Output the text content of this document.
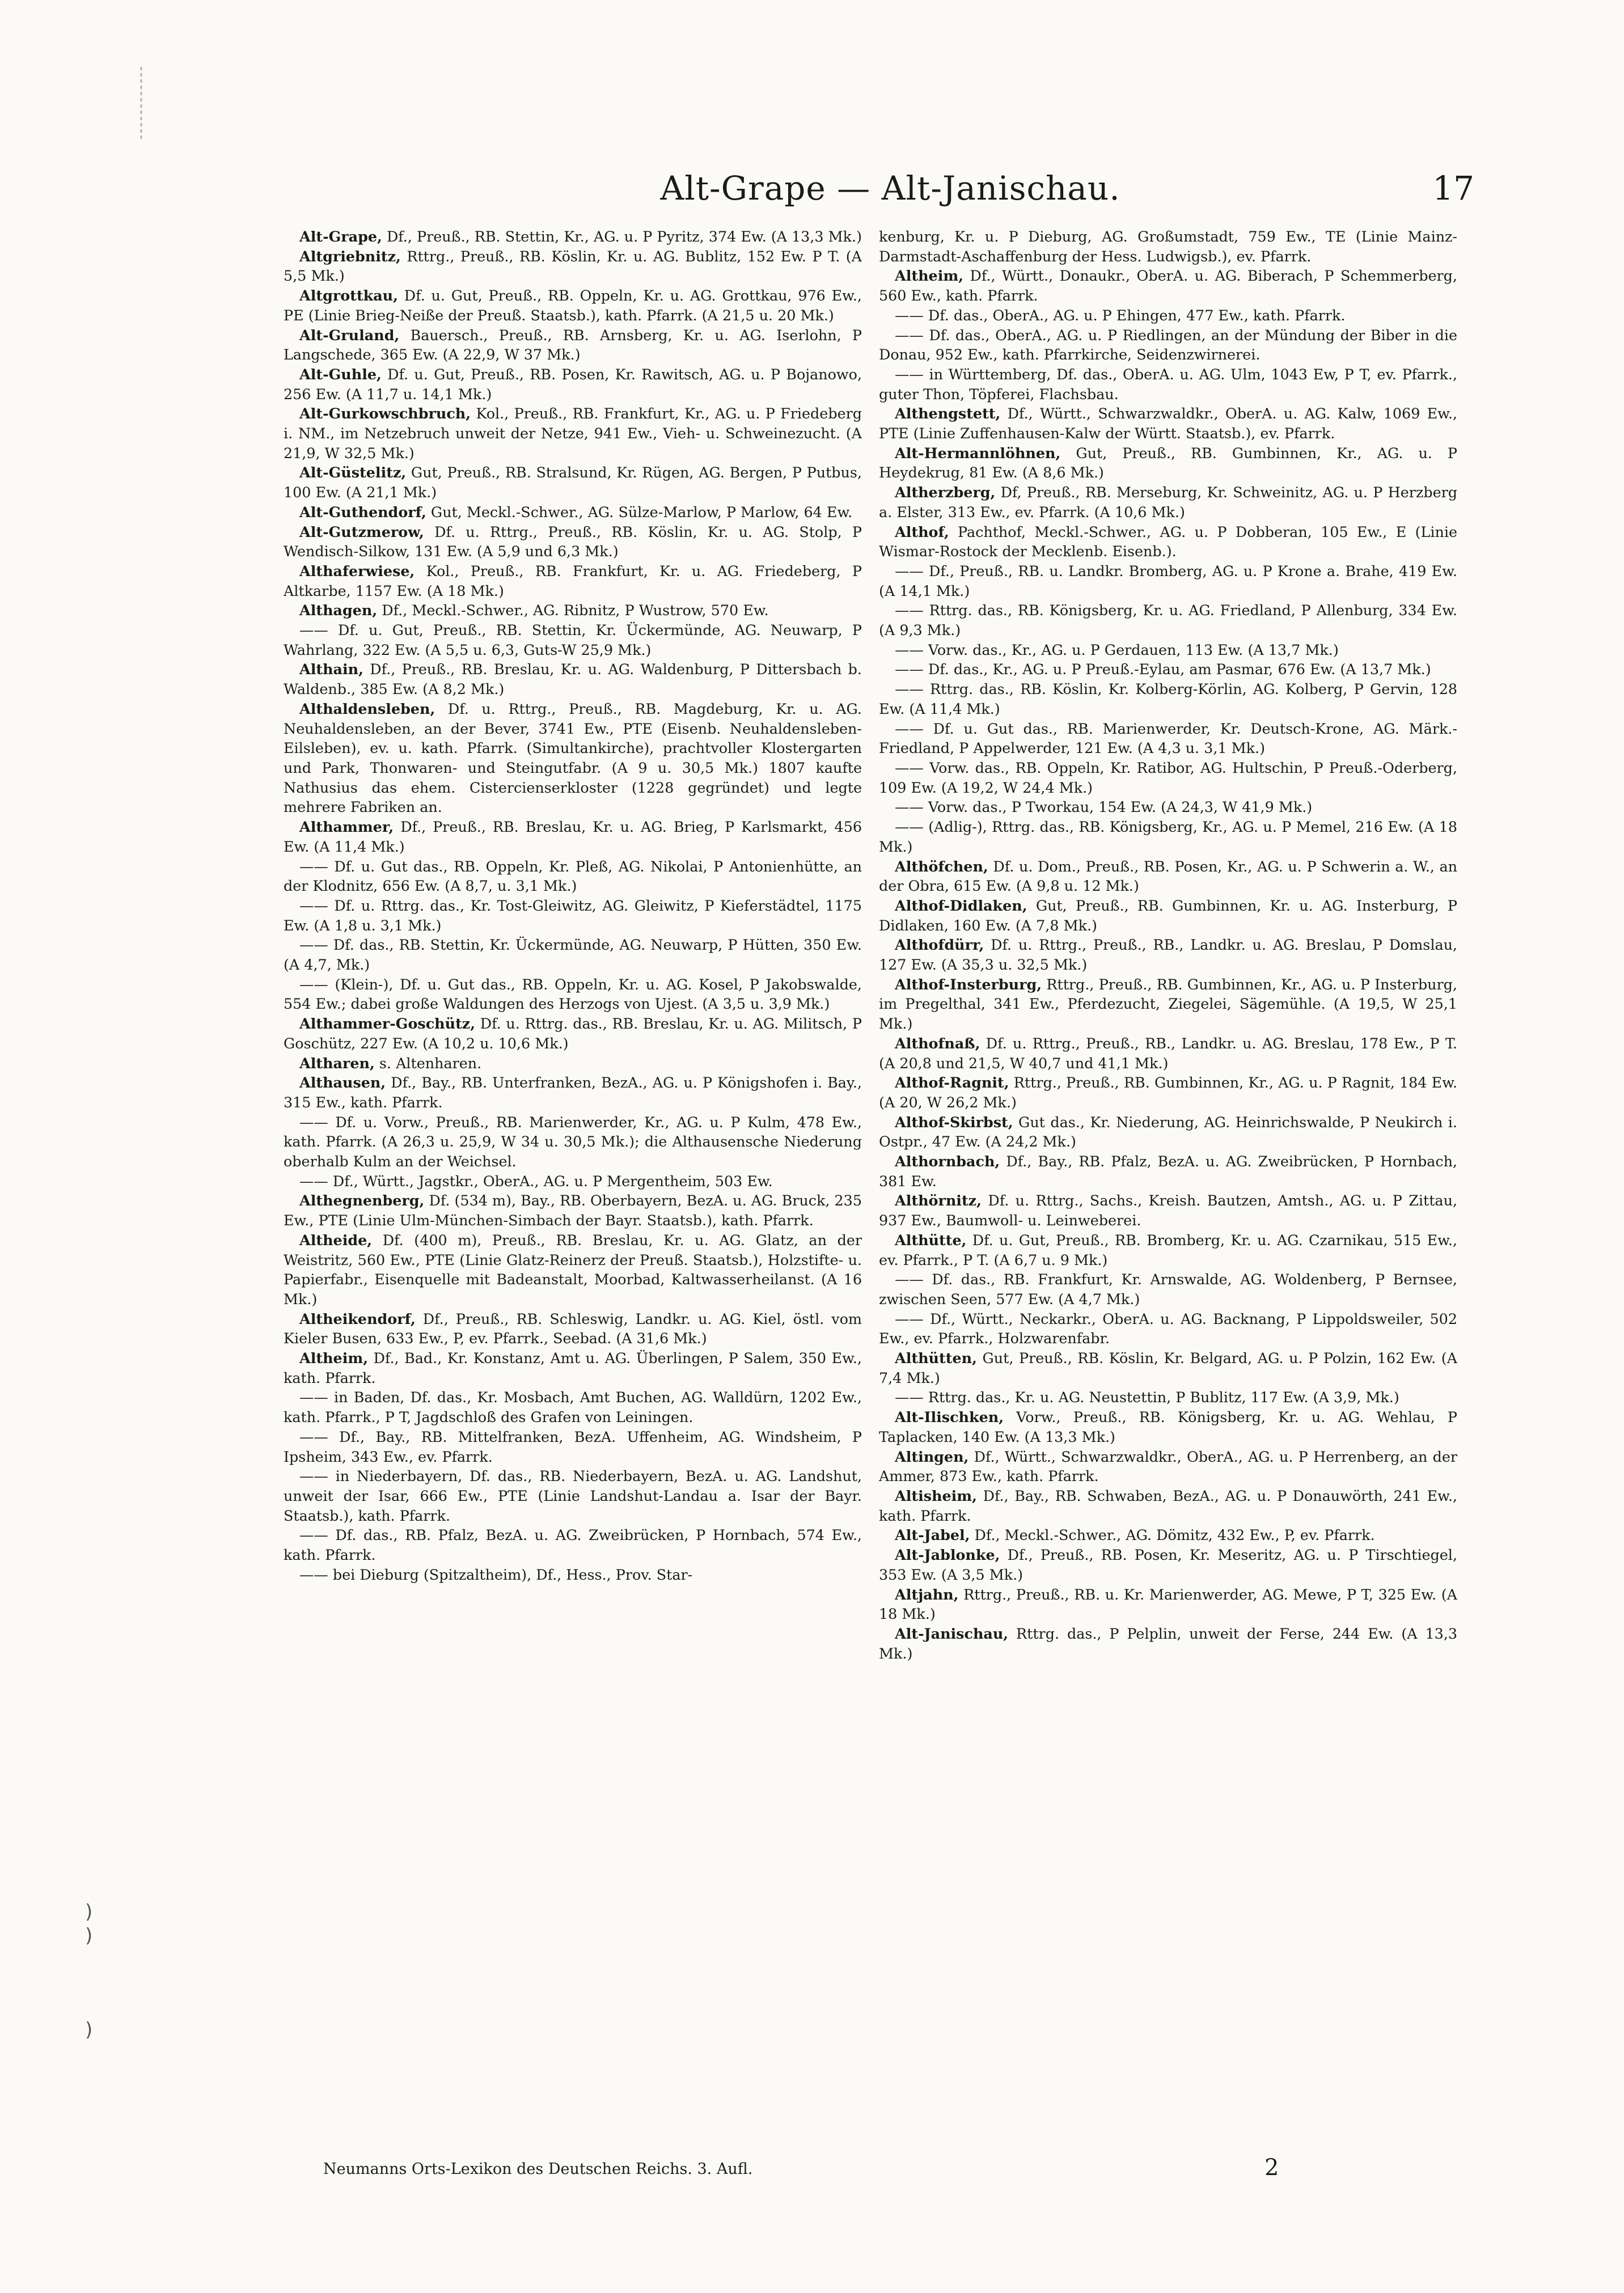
Alt-Grape — Alt-Janischau.	17

Alt-Grape, Df., Preuß., RB. Stettin, Kr., AG. u. P Pyritz, 374 Ew. (A 13,3 Mk.)

Altgriebnitz, Rttrg., Preuß., RB. Köslin, Kr. u. AG. Bublitz, 152 Ew. P T. (A 5,5 Mk.)

Altgrottkau, Df. u. Gut, Preuß., RB. Oppeln, Kr. u. AG. Grottkau, 976 Ew., PE (Linie Brieg-Neiße der Preuß. Staatsb.), kath. Pfarrk. (A 21,5 u. 20 Mk.)

Alt-Gruland, Bauersch., Preuß., RB. Arnsberg, Kr. u. AG. Iserlohn, P Langschede, 365 Ew. (A 22,9, W 37 Mk.)

Alt-Guhle, Df. u. Gut, Preuß., RB. Posen, Kr. Rawitsch, AG. u. P Bojanowo, 256 Ew. (A 11,7 u. 14,1 Mk.)

Alt-Gurkowschbruch, Kol., Preuß., RB. Frankfurt, Kr., AG. u. P Friedeberg i. NM., im Netzebruch unweit der Netze, 941 Ew., Vieh- u. Schweinezucht. (A 21,9, W 32,5 Mk.)

Alt-Güstelitz, Gut, Preuß., RB. Stralsund, Kr. Rügen, AG. Bergen, P Putbus, 100 Ew. (A 21,1 Mk.)

Alt-Guthendorf, Gut, Meckl.-Schwer., AG. Sülze-Marlow, P Marlow, 64 Ew.

Alt-Gutzmerow, Df. u. Rttrg., Preuß., RB. Köslin, Kr. u. AG. Stolp, P Wendisch-Silkow, 131 Ew. (A 5,9 und 6,3 Mk.)

Althaferwiese, Kol., Preuß., RB. Frankfurt, Kr. u. AG. Friedeberg, P Altkarbe, 1157 Ew. (A 18 Mk.)

Althagen, Df., Meckl.-Schwer., AG. Ribnitz, P Wustrow, 570 Ew.

—— Df. u. Gut, Preuß., RB. Stettin, Kr. Ückermünde, AG. Neuwarp, P Wahrlang, 322 Ew. (A 5,5 u. 6,3, Guts-W 25,9 Mk.)

Althain, Df., Preuß., RB. Breslau, Kr. u. AG. Waldenburg, P Dittersbach b. Waldenb., 385 Ew. (A 8,2 Mk.)

Althaldensleben, Df. u. Rttrg., Preuß., RB. Magdeburg, Kr. u. AG. Neuhaldensleben, an der Bever, 3741 Ew., PTE (Eisenb. Neuhaldensleben-Eilsleben), ev. u. kath. Pfarrk. (Simultankirche), prachtvoller Klostergarten und Park, Thonwaren- und Steingutfabr. (A 9 u. 30,5 Mk.) 1807 kaufte Nathusius das ehem. Cistercienserkloster (1228 gegründet) und legte mehrere Fabriken an.

Althammer, Df., Preuß., RB. Breslau, Kr. u. AG. Brieg, P Karlsmarkt, 456 Ew. (A 11,4 Mk.)

—— Df. u. Gut das., RB. Oppeln, Kr. Pleß, AG. Nikolai, P Antonienhütte, an der Klodnitz, 656 Ew. (A 8,7, u. 3,1 Mk.)

—— Df. u. Rttrg. das., Kr. Tost-Gleiwitz, AG. Gleiwitz, P Kieferstädtel, 1175 Ew. (A 1,8 u. 3,1 Mk.)

—— Df. das., RB. Stettin, Kr. Ückermünde, AG. Neuwarp, P Hütten, 350 Ew. (A 4,7, Mk.)

—— (Klein-), Df. u. Gut das., RB. Oppeln, Kr. u. AG. Kosel, P Jakobswalde, 554 Ew.; dabei große Waldungen des Herzogs von Ujest. (A 3,5 u. 3,9 Mk.)

Althammer-Goschütz, Df. u. Rttrg. das., RB. Breslau, Kr. u. AG. Militsch, P Goschütz, 227 Ew. (A 10,2 u. 10,6 Mk.)

Altharen, s. Altenharen.

Althausen, Df., Bay., RB. Unterfranken, BezA., AG. u. P Königshofen i. Bay., 315 Ew., kath. Pfarrk.

—— Df. u. Vorw., Preuß., RB. Marienwerder, Kr., AG. u. P Kulm, 478 Ew., kath. Pfarrk. (A 26,3 u. 25,9, W 34 u. 30,5 Mk.); die Althausensche Niederung oberhalb Kulm an der Weichsel.

—— Df., Württ., Jagstkr., OberA., AG. u. P Mergentheim, 503 Ew.

Althegnenberg, Df. (534 m), Bay., RB. Oberbayern, BezA. u. AG. Bruck, 235 Ew., PTE (Linie Ulm-München-Simbach der Bayr. Staatsb.), kath. Pfarrk.

Altheide, Df. (400 m), Preuß., RB. Breslau, Kr. u. AG. Glatz, an der Weistritz, 560 Ew., PTE (Linie Glatz-Reinerz der Preuß. Staatsb.), Holzstifte- u. Papierfabr., Eisenquelle mit Badeanstalt, Moorbad, Kaltwasserheilanst. (A 16 Mk.)

Altheikendorf, Df., Preuß., RB. Schleswig, Landkr. u. AG. Kiel, östl. vom Kieler Busen, 633 Ew., P, ev. Pfarrk., Seebad. (A 31,6 Mk.)

Altheim, Df., Bad., Kr. Konstanz, Amt u. AG. Überlingen, P Salem, 350 Ew., kath. Pfarrk.

—— in Baden, Df. das., Kr. Mosbach, Amt Buchen, AG. Walldürn, 1202 Ew., kath. Pfarrk., P T, Jagdschloß des Grafen von Leiningen.

—— Df., Bay., RB. Mittelfranken, BezA. Uffenheim, AG. Windsheim, P Ipsheim, 343 Ew., ev. Pfarrk.

—— in Niederbayern, Df. das., RB. Niederbayern, BezA. u. AG. Landshut, unweit der Isar, 666 Ew., PTE (Linie Landshut-Landau a. Isar der Bayr. Staatsb.), kath. Pfarrk.

—— Df. das., RB. Pfalz, BezA. u. AG. Zweibrücken, P Hornbach, 574 Ew., kath. Pfarrk.

—— bei Dieburg (Spitzaltheim), Df., Hess., Prov. Star-

kenburg, Kr. u. P Dieburg, AG. Großumstadt, 759 Ew., TE (Linie Mainz-Darmstadt-Aschaffenburg der Hess. Ludwigsb.), ev. Pfarrk.

Altheim, Df., Württ., Donaukr., OberA. u. AG. Biberach, P Schemmerberg, 560 Ew., kath. Pfarrk.

—— Df. das., OberA., AG. u. P Ehingen, 477 Ew., kath. Pfarrk.

—— Df. das., OberA., AG. u. P Riedlingen, an der Mündung der Biber in die Donau, 952 Ew., kath. Pfarrkirche, Seidenzwirnerei.

—— in Württemberg, Df. das., OberA. u. AG. Ulm, 1043 Ew, P T, ev. Pfarrk., guter Thon, Töpferei, Flachsbau.

Althengstett, Df., Württ., Schwarzwaldkr., OberA. u. AG. Kalw, 1069 Ew., PTE (Linie Zuffenhausen-Kalw der Württ. Staatsb.), ev. Pfarrk.

Alt-Hermannlöhnen, Gut, Preuß., RB. Gumbinnen, Kr., AG. u. P Heydekrug, 81 Ew. (A 8,6 Mk.)

Altherzberg, Df, Preuß., RB. Merseburg, Kr. Schweinitz, AG. u. P Herzberg a. Elster, 313 Ew., ev. Pfarrk. (A 10,6 Mk.)

Althof, Pachthof, Meckl.-Schwer., AG. u. P Dobberan, 105 Ew., E (Linie Wismar-Rostock der Mecklenb. Eisenb.).

—— Df., Preuß., RB. u. Landkr. Bromberg, AG. u. P Krone a. Brahe, 419 Ew. (A 14,1 Mk.)

—— Rttrg. das., RB. Königsberg, Kr. u. AG. Friedland, P Allenburg, 334 Ew. (A 9,3 Mk.)

—— Vorw. das., Kr., AG. u. P Gerdauen, 113 Ew. (A 13,7 Mk.)

—— Df. das., Kr., AG. u. P Preuß.-Eylau, am Pasmar, 676 Ew. (A 13,7 Mk.)

—— Rttrg. das., RB. Köslin, Kr. Kolberg-Körlin, AG. Kolberg, P Gervin, 128 Ew. (A 11,4 Mk.)

—— Df. u. Gut das., RB. Marienwerder, Kr. Deutsch-Krone, AG. Märk.-Friedland, P Appelwerder, 121 Ew. (A 4,3 u. 3,1 Mk.)

—— Vorw. das., RB. Oppeln, Kr. Ratibor, AG. Hultschin, P Preuß.-Oderberg, 109 Ew. (A 19,2, W 24,4 Mk.)

—— Vorw. das., P Tworkau, 154 Ew. (A 24,3, W 41,9 Mk.)

—— (Adlig-), Rttrg. das., RB. Königsberg, Kr., AG. u. P Memel, 216 Ew. (A 18 Mk.)

Althöfchen, Df. u. Dom., Preuß., RB. Posen, Kr., AG. u. P Schwerin a. W., an der Obra, 615 Ew. (A 9,8 u. 12 Mk.)

Althof-Didlaken, Gut, Preuß., RB. Gumbinnen, Kr. u. AG. Insterburg, P Didlaken, 160 Ew. (A 7,8 Mk.)

Althofdürr, Df. u. Rttrg., Preuß., RB., Landkr. u. AG. Breslau, P Domslau, 127 Ew. (A 35,3 u. 32,5 Mk.)

Althof-Insterburg, Rttrg., Preuß., RB. Gumbinnen, Kr., AG. u. P Insterburg, im Pregelthal, 341 Ew., Pferdezucht, Ziegelei, Sägemühle. (A 19,5, W 25,1 Mk.)

Althofnaß, Df. u. Rttrg., Preuß., RB., Landkr. u. AG. Breslau, 178 Ew., P T. (A 20,8 und 21,5, W 40,7 und 41,1 Mk.)

Althof-Ragnit, Rttrg., Preuß., RB. Gumbinnen, Kr., AG. u. P Ragnit, 184 Ew. (A 20, W 26,2 Mk.)

Althof-Skirbst, Gut das., Kr. Niederung, AG. Heinrichswalde, P Neukirch i. Ostpr., 47 Ew. (A 24,2 Mk.)

Althornbach, Df., Bay., RB. Pfalz, BezA. u. AG. Zweibrücken, P Hornbach, 381 Ew.

Althörnitz, Df. u. Rttrg., Sachs., Kreish. Bautzen, Amtsh., AG. u. P Zittau, 937 Ew., Baumwoll- u. Leinweberei.

Althütte, Df. u. Gut, Preuß., RB. Bromberg, Kr. u. AG. Czarnikau, 515 Ew., ev. Pfarrk., P T. (A 6,7 u. 9 Mk.)

—— Df. das., RB. Frankfurt, Kr. Arnswalde, AG. Woldenberg, P Bernsee, zwischen Seen, 577 Ew. (A 4,7 Mk.)

—— Df., Württ., Neckarkr., OberA. u. AG. Backnang, P Lippoldsweiler, 502 Ew., ev. Pfarrk., Holzwarenfabr.

Althütten, Gut, Preuß., RB. Köslin, Kr. Belgard, AG. u. P Polzin, 162 Ew. (A 7,4 Mk.)

—— Rttrg. das., Kr. u. AG. Neustettin, P Bublitz, 117 Ew. (A 3,9, Mk.)

Alt-Ilischken, Vorw., Preuß., RB. Königsberg, Kr. u. AG. Wehlau, P Taplacken, 140 Ew. (A 13,3 Mk.)

Altingen, Df., Württ., Schwarzwaldkr., OberA., AG. u. P Herrenberg, an der Ammer, 873 Ew., kath. Pfarrk.

Altisheim, Df., Bay., RB. Schwaben, BezA., AG. u. P Donauwörth, 241 Ew., kath. Pfarrk.

Alt-Jabel, Df., Meckl.-Schwer., AG. Dömitz, 432 Ew., P, ev. Pfarrk.

Alt-Jablonke, Df., Preuß., RB. Posen, Kr. Meseritz, AG. u. P Tirschtiegel, 353 Ew. (A 3,5 Mk.)

Altjahn, Rttrg., Preuß., RB. u. Kr. Marienwerder, AG. Mewe, P T, 325 Ew. (A 18 Mk.)

Alt-Janischau, Rttrg. das., P Pelplin, unweit der Ferse, 244 Ew. (A 13,3 Mk.)

Neumanns Orts-Lexikon des Deutschen Reichs. 3. Aufl.	2
)
)
)
